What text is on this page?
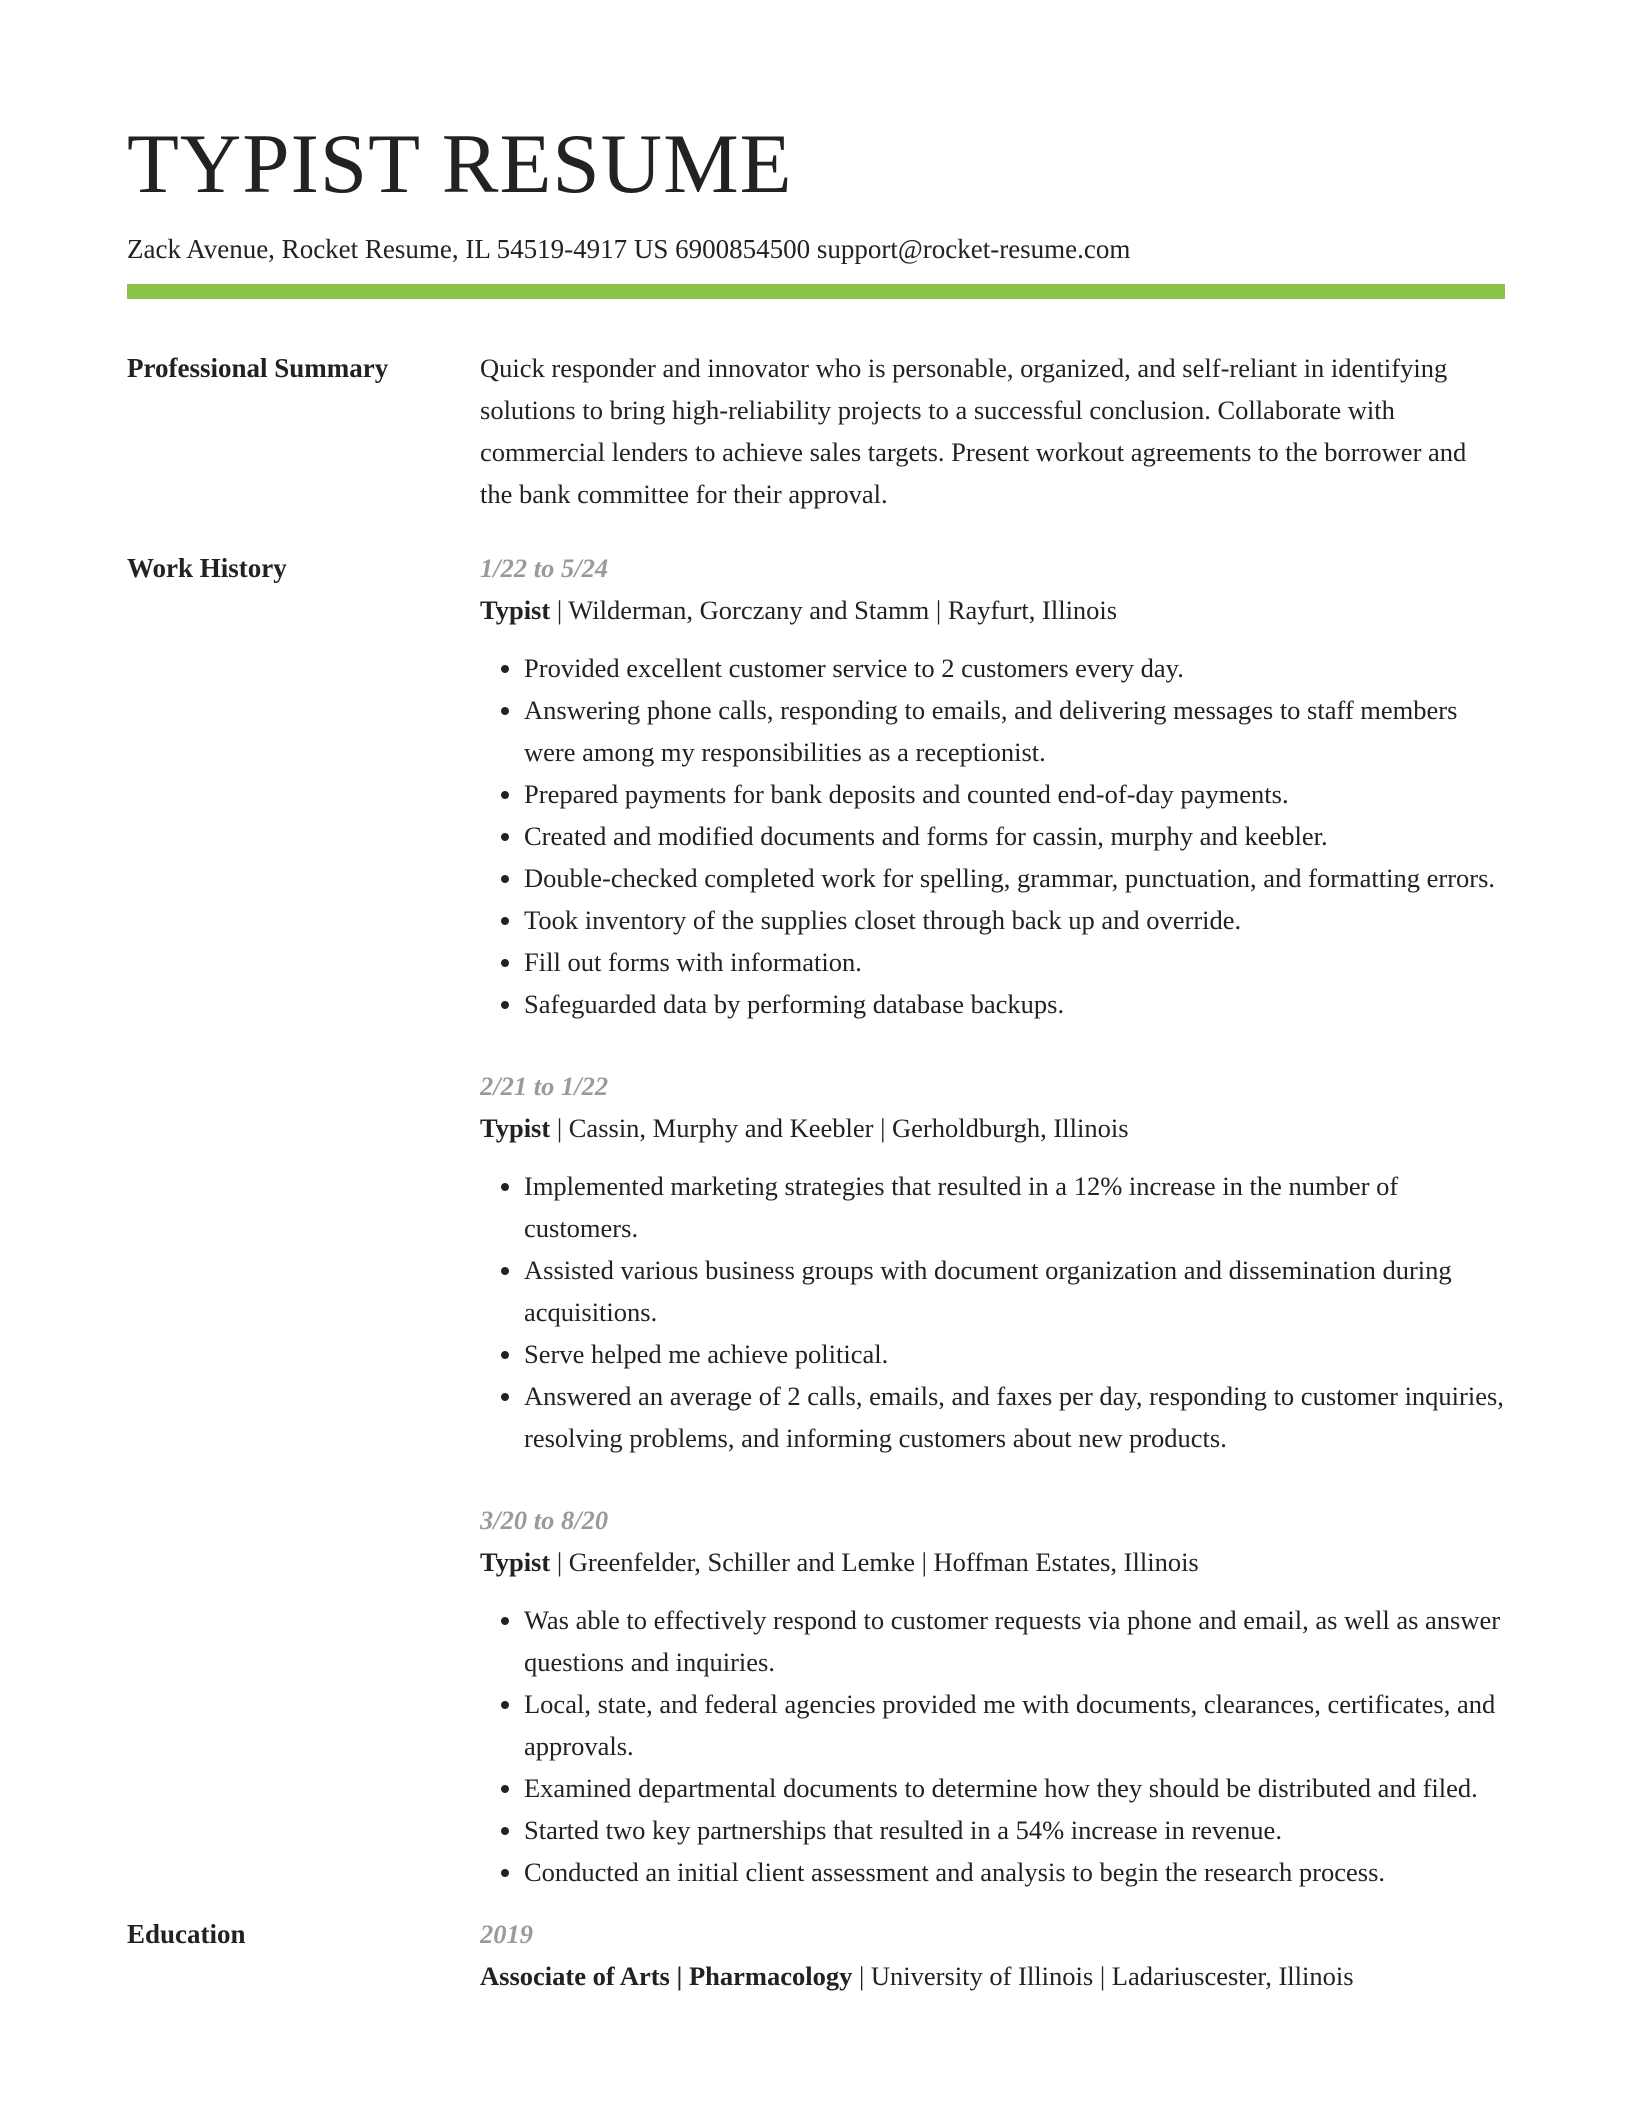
TYPIST RESUME
Zack Avenue, Rocket Resume, IL 54519-4917 US 6900854500 support@rocket-resume.com
Professional Summary	Quick responder and innovator who is personable, organized, and self-reliant in identifying solutions to bring high-reliability projects to a successful conclusion. Collaborate with commercial lenders to achieve sales targets. Present workout agreements to the borrower and the bank committee for their approval.
Work History	1/22 to 5/24
Typist | Wilderman, Gorczany and Stamm | Rayfurt, Illinois
• Provided excellent customer service to 2 customers every day.
• Answering phone calls, responding to emails, and delivering messages to staff members were among my responsibilities as a receptionist.
• Prepared payments for bank deposits and counted end-of-day payments.
• Created and modified documents and forms for cassin, murphy and keebler.
• Double-checked completed work for spelling, grammar, punctuation, and formatting errors.
• Took inventory of the supplies closet through back up and override.
• Fill out forms with information.
• Safeguarded data by performing database backups.
2/21 to 1/22
Typist | Cassin, Murphy and Keebler | Gerholdburgh, Illinois
• Implemented marketing strategies that resulted in a 12% increase in the number of customers.
• Assisted various business groups with document organization and dissemination during acquisitions.
• Serve helped me achieve political.
• Answered an average of 2 calls, emails, and faxes per day, responding to customer inquiries, resolving problems, and informing customers about new products.
3/20 to 8/20
Typist | Greenfelder, Schiller and Lemke | Hoffman Estates, Illinois
• Was able to effectively respond to customer requests via phone and email, as well as answer questions and inquiries.
• Local, state, and federal agencies provided me with documents, clearances, certificates, and approvals.
• Examined departmental documents to determine how they should be distributed and filed.
• Started two key partnerships that resulted in a 54% increase in revenue.
• Conducted an initial client assessment and analysis to begin the research process.
Education	2019
Associate of Arts | Pharmacology | University of Illinois | Ladariuscester, Illinois
